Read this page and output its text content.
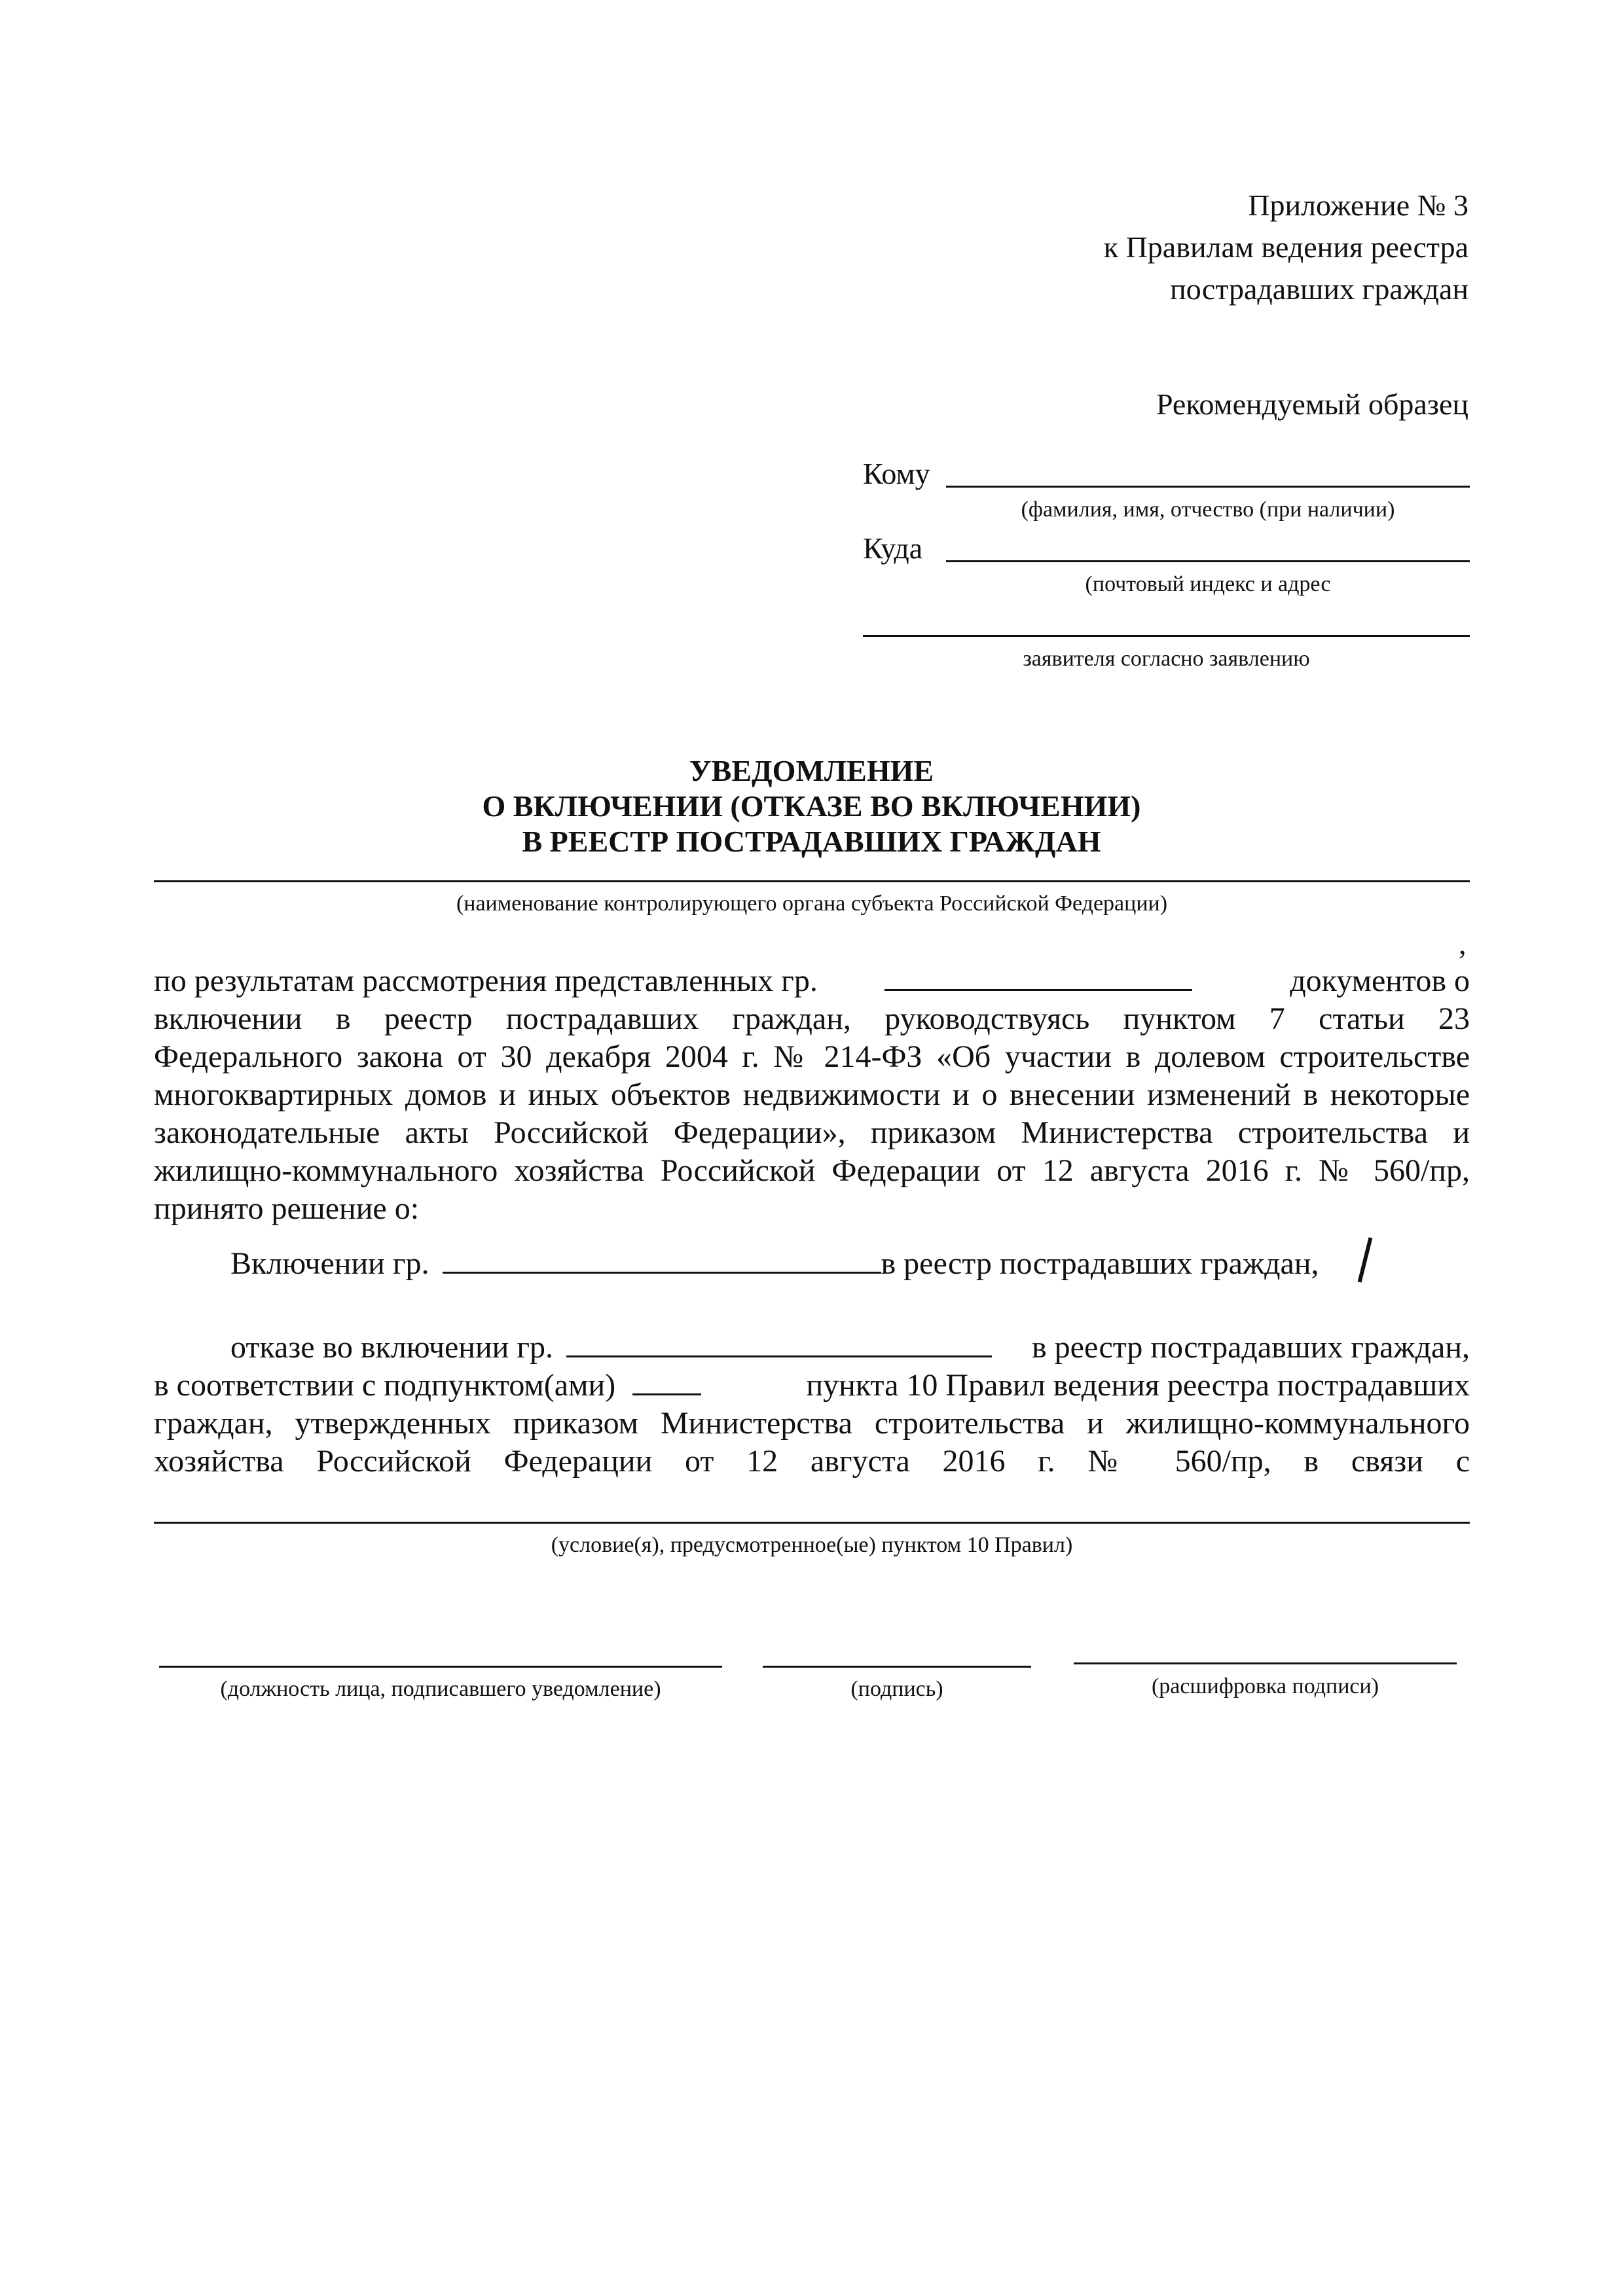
Приложение № 3
к Правилам ведения реестра
пострадавших граждан
Рекомендуемый образец
Кому
(фамилия, имя, отчество (при наличии)
Куда
(почтовый индекс и адрес
заявителя согласно заявлению
УВЕДОМЛЕНИЕ
О ВКЛЮЧЕНИИ (ОТКАЗЕ ВО ВКЛЮЧЕНИИ)
В РЕЕСТР ПОСТРАДАВШИХ ГРАЖДАН
(наименование контролирующего органа субъекта Российской Федерации)
,
по результатам рассмотрения представленных гр.	документов о
включении в реестр пострадавших граждан, руководствуясь пунктом 7 статьи 23
Федерального закона от 30 декабря 2004 г. № 214-ФЗ «Об участии в долевом строительстве
многоквартирных домов и иных объектов недвижимости и о внесении изменений в некоторые
законодательные акты Российской Федерации», приказом Министерства строительства и
жилищно-коммунального хозяйства Российской Федерации от 12 августа 2016 г. № 560/пр,
принято решение о:
Включении гр.	в реестр пострадавших граждан,
отказе во включении гр.	в реестр пострадавших граждан,
в соответствии с подпунктом(ами)	пункта 10 Правил ведения реестра пострадавших
граждан, утвержденных приказом Министерства строительства и жилищно-коммунального
хозяйства Российской Федерации от 12 августа 2016 г. № 560/пр, в связи с
(условие(я), предусмотренное(ые) пунктом 10 Правил)
(должность лица, подписавшего уведомление)	(подпись)	(расшифровка подписи)
